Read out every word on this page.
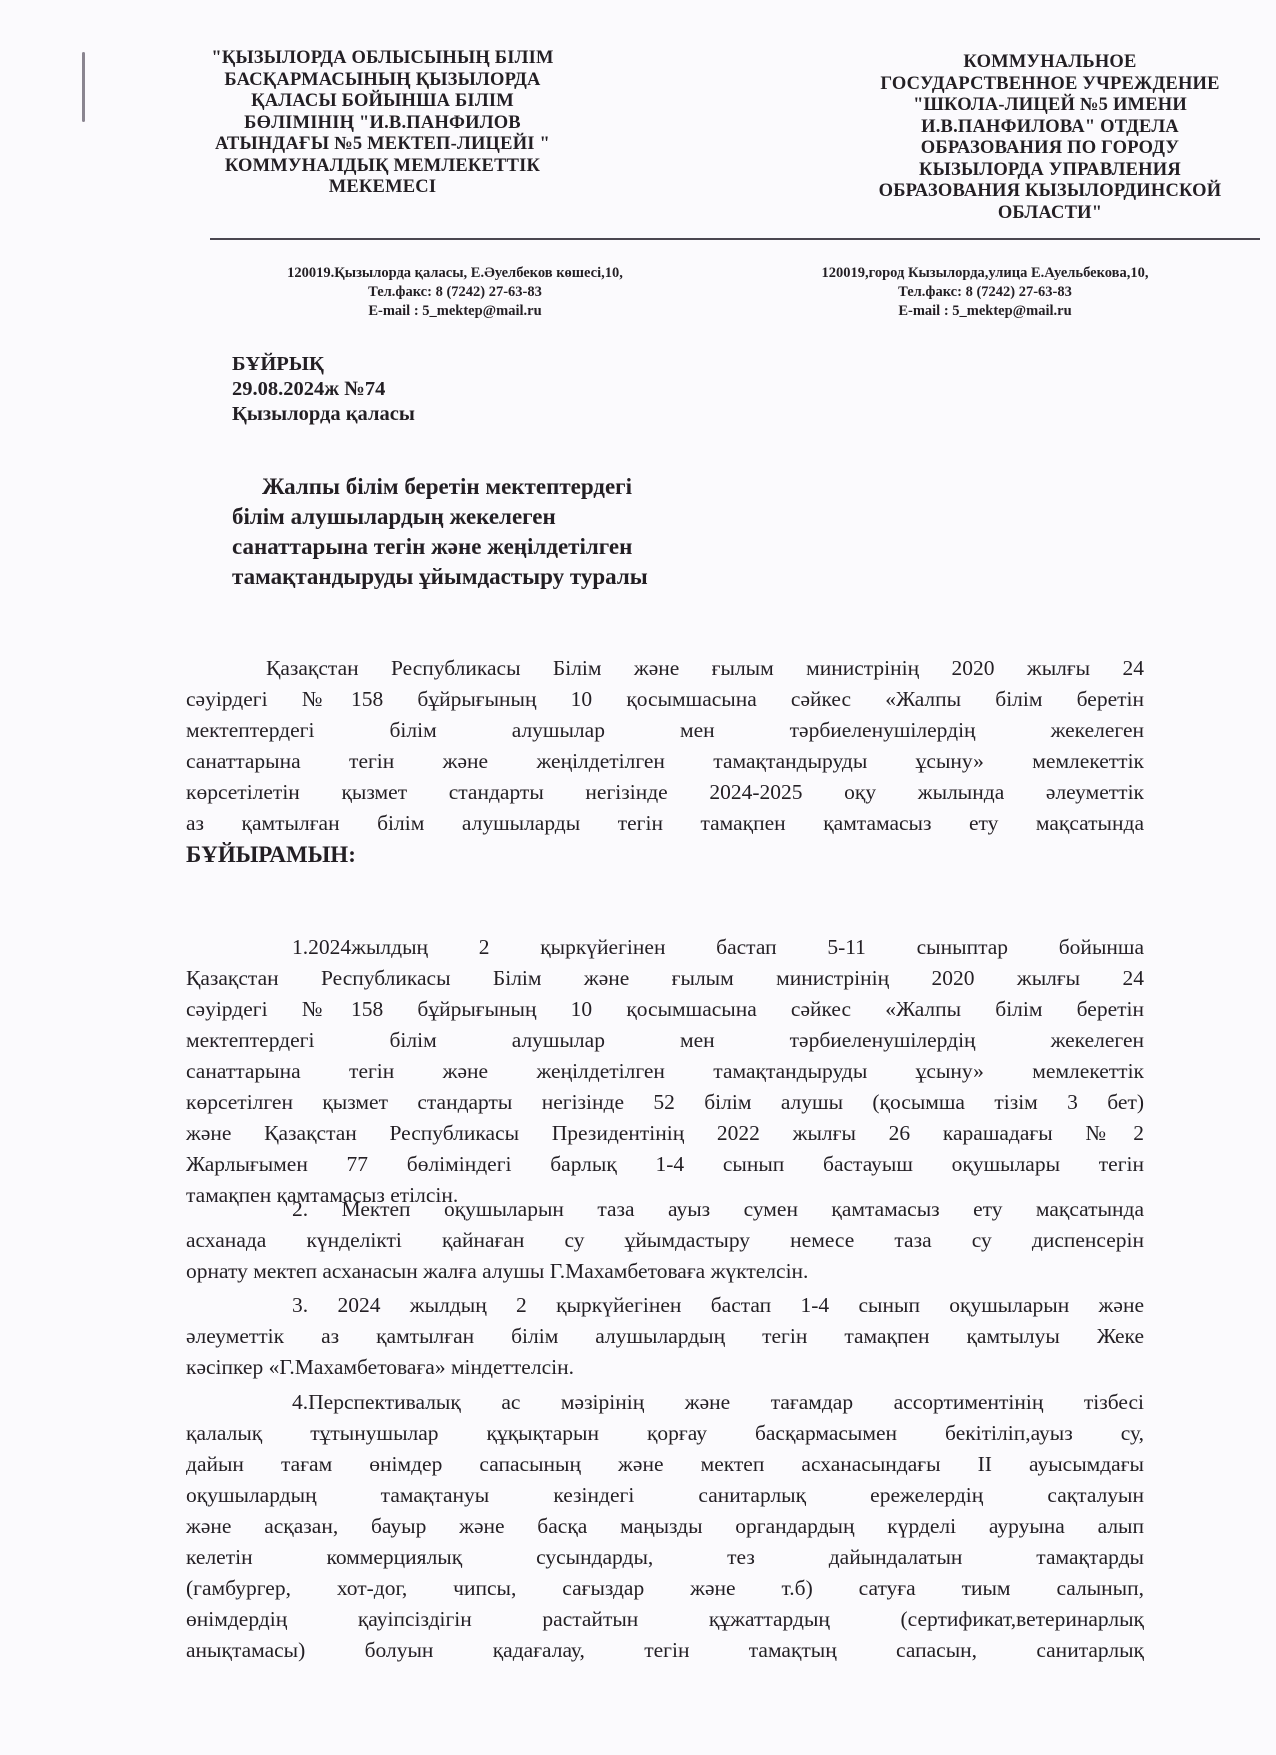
"ҚЫЗЫЛОРДА ОБЛЫСЫНЫҢ БІЛІМ
БАСҚАРМАСЫНЫҢ ҚЫЗЫЛОРДА
ҚАЛАСЫ БОЙЫНША БІЛІМ
БӨЛІМІНІҢ "И.В.ПАНФИЛОВ
АТЫНДАҒЫ №5 МЕКТЕП-ЛИЦЕЙІ "
КОММУНАЛДЫҚ МЕМЛЕКЕТТІК
МЕКЕМЕСІ
КОММУНАЛЬНОЕ
ГОСУДАРСТВЕННОЕ УЧРЕЖДЕНИЕ
"ШКОЛА-ЛИЦЕЙ №5 ИМЕНИ
И.В.ПАНФИЛОВА" ОТДЕЛА
ОБРАЗОВАНИЯ ПО ГОРОДУ
КЫЗЫЛОРДА УПРАВЛЕНИЯ
ОБРАЗОВАНИЯ КЫЗЫЛОРДИНСКОЙ
ОБЛАСТИ"
120019.Қызылорда қаласы, Е.Әуелбеков көшесі,10,
Тел.факс: 8 (7242) 27-63-83
E-mail : 5_mektep@mail.ru
120019,город Кызылорда,улица Е.Ауельбекова,10,
Тел.факс: 8 (7242) 27-63-83
E-mail : 5_mektep@mail.ru
БҰЙРЫҚ
29.08.2024ж №74
Қызылорда қаласы
Жалпы білім беретін мектептердегі
білім алушылардың жекелеген
санаттарына тегін және жеңілдетілген
тамақтандыруды ұйымдастыру туралы
Қазақстан Республикасы Білім және ғылым министрінің 2020 жылғы 24
сәуірдегі №158 бұйрығының 10 қосымшасына сәйкес «Жалпы білім беретін
мектептердегі білім алушылар мен тәрбиеленушілердің жекелеген
санаттарына тегін және жеңілдетілген тамақтандыруды ұсыну» мемлекеттік
көрсетілетін қызмет стандарты негізінде 2024-2025 оқу жылында әлеуметтік
аз қамтылған білім алушыларды тегін тамақпен қамтамасыз ету мақсатында
БҰЙЫРАМЫН:
1.2024жылдың 2 қыркүйегінен бастап 5-11 сыныптар бойынша
Қазақстан Республикасы Білім және ғылым министрінің 2020 жылғы 24
сәуірдегі №158 бұйрығының 10 қосымшасына сәйкес «Жалпы білім беретін
мектептердегі білім алушылар мен тәрбиеленушілердің жекелеген
санаттарына тегін және жеңілдетілген тамақтандыруды ұсыну» мемлекеттік
көрсетілген қызмет стандарты негізінде 52 білім алушы (қосымша тізім 3 бет)
және Қазақстан Республикасы Президентінің 2022 жылғы 26 карашадағы №2
Жарлығымен 77 бөліміндегі барлық 1-4 сынып бастауыш оқушылары тегін
тамақпен қамтамасыз етілсін.
2. Мектеп оқушыларын таза ауыз сумен қамтамасыз ету мақсатында
асханада күнделікті қайнаған су ұйымдастыру немесе таза су диспенсерін
орнату мектеп асханасын жалға алушы Г.Махамбетоваға жүктелсін.
3. 2024 жылдың 2 қыркүйегінен бастап 1-4 сынып оқушыларын және
әлеуметтік аз қамтылған білім алушылардың тегін тамақпен қамтылуы Жеке
кәсіпкер «Г.Махамбетоваға» міндеттелсін.
4.Перспективалық ас мәзірінің және тағамдар ассортиментінің тізбесі
қалалық тұтынушылар құқықтарын қорғау басқармасымен бекітіліп,ауыз су,
дайын тағам өнімдер сапасының және мектеп асханасындағы ІІ ауысымдағы
оқушылардың тамақтануы кезіндегі санитарлық ережелердің сақталуын
және асқазан, бауыр және басқа маңызды органдардың күрделі ауруына алып
келетін коммерциялық сусындарды, тез дайындалатын тамақтарды
(гамбургер, хот-дог, чипсы, сағыздар және т.б) сатуға тиым салынып,
өнімдердің қауіпсіздігін растайтын құжаттардың (сертификат,ветеринарлық
анықтамасы) болуын қадағалау, тегін тамақтың сапасын, санитарлық
